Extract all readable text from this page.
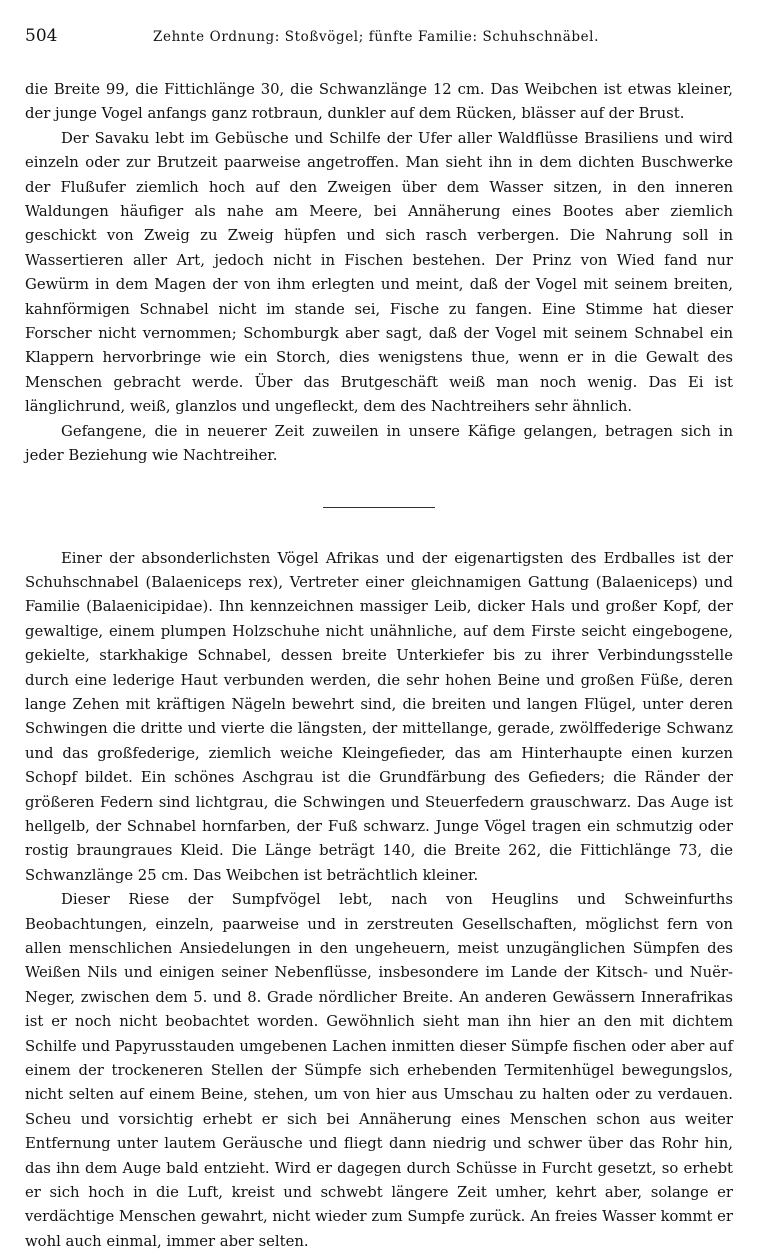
504	Zehnte Ordnung: Stoßvögel; fünfte Familie: Schuhschnäbel.

die Breite 99, die Fittichlänge 30, die Schwanzlänge 12 cm. Das Weibchen ist etwas kleiner, der junge Vogel anfangs ganz rotbraun, dunkler auf dem Rücken, blässer auf der Brust.

Der Savaku lebt im Gebüsche und Schilfe der Ufer aller Waldflüsse Brasiliens und wird einzeln oder zur Brutzeit paarweise angetroffen. Man sieht ihn in dem dichten Buschwerke der Flußufer ziemlich hoch auf den Zweigen über dem Wasser sitzen, in den inneren Waldungen häufiger als nahe am Meere, bei Annäherung eines Bootes aber ziemlich geschickt von Zweig zu Zweig hüpfen und sich rasch verbergen. Die Nahrung soll in Wassertieren aller Art, jedoch nicht in Fischen bestehen. Der Prinz von Wied fand nur Gewürm in dem Magen der von ihm erlegten und meint, daß der Vogel mit seinem breiten, kahnförmigen Schnabel nicht im stande sei, Fische zu fangen. Eine Stimme hat dieser Forscher nicht vernommen; Schomburgk aber sagt, daß der Vogel mit seinem Schnabel ein Klappern hervorbringe wie ein Storch, dies wenigstens thue, wenn er in die Gewalt des Menschen gebracht werde. Über das Brutgeschäft weiß man noch wenig. Das Ei ist länglichrund, weiß, glanzlos und ungefleckt, dem des Nachtreihers sehr ähnlich.

Gefangene, die in neuerer Zeit zuweilen in unsere Käfige gelangen, betragen sich in jeder Beziehung wie Nachtreiher.

Einer der absonderlichsten Vögel Afrikas und der eigenartigsten des Erdballes ist der Schuhschnabel (Balaeniceps rex), Vertreter einer gleichnamigen Gattung (Balaeniceps) und Familie (Balaenicipidae). Ihn kennzeichnen massiger Leib, dicker Hals und großer Kopf, der gewaltige, einem plumpen Holzschuhe nicht unähnliche, auf dem Firste seicht eingebogene, gekielte, starkhakige Schnabel, dessen breite Unterkiefer bis zu ihrer Verbindungsstelle durch eine lederige Haut verbunden werden, die sehr hohen Beine und großen Füße, deren lange Zehen mit kräftigen Nägeln bewehrt sind, die breiten und langen Flügel, unter deren Schwingen die dritte und vierte die längsten, der mittellange, gerade, zwölffederige Schwanz und das großfederige, ziemlich weiche Kleingefieder, das am Hinterhaupte einen kurzen Schopf bildet. Ein schönes Aschgrau ist die Grundfärbung des Gefieders; die Ränder der größeren Federn sind lichtgrau, die Schwingen und Steuerfedern grauschwarz. Das Auge ist hellgelb, der Schnabel hornfarben, der Fuß schwarz. Junge Vögel tragen ein schmutzig oder rostig braungraues Kleid. Die Länge beträgt 140, die Breite 262, die Fittichlänge 73, die Schwanzlänge 25 cm. Das Weibchen ist beträchtlich kleiner.

Dieser Riese der Sumpfvögel lebt, nach von Heuglins und Schweinfurths Beobachtungen, einzeln, paarweise und in zerstreuten Gesellschaften, möglichst fern von allen menschlichen Ansiedelungen in den ungeheuern, meist unzugänglichen Sümpfen des Weißen Nils und einigen seiner Nebenflüsse, insbesondere im Lande der Kitsch- und Nuër-Neger, zwischen dem 5. und 8. Grade nördlicher Breite. An anderen Gewässern Innerafrikas ist er noch nicht beobachtet worden. Gewöhnlich sieht man ihn hier an den mit dichtem Schilfe und Papyrusstauden umgebenen Lachen inmitten dieser Sümpfe fischen oder aber auf einem der trockeneren Stellen der Sümpfe sich erhebenden Termitenhügel bewegungslos, nicht selten auf einem Beine, stehen, um von hier aus Umschau zu halten oder zu verdauen. Scheu und vorsichtig erhebt er sich bei Annäherung eines Menschen schon aus weiter Entfernung unter lautem Geräusche und fliegt dann niedrig und schwer über das Rohr hin, das ihn dem Auge bald entzieht. Wird er dagegen durch Schüsse in Furcht gesetzt, so erhebt er sich hoch in die Luft, kreist und schwebt längere Zeit umher, kehrt aber, solange er verdächtige Menschen gewahrt, nicht wieder zum Sumpfe zurück. An freies Wasser kommt er wohl auch einmal, immer aber selten.
